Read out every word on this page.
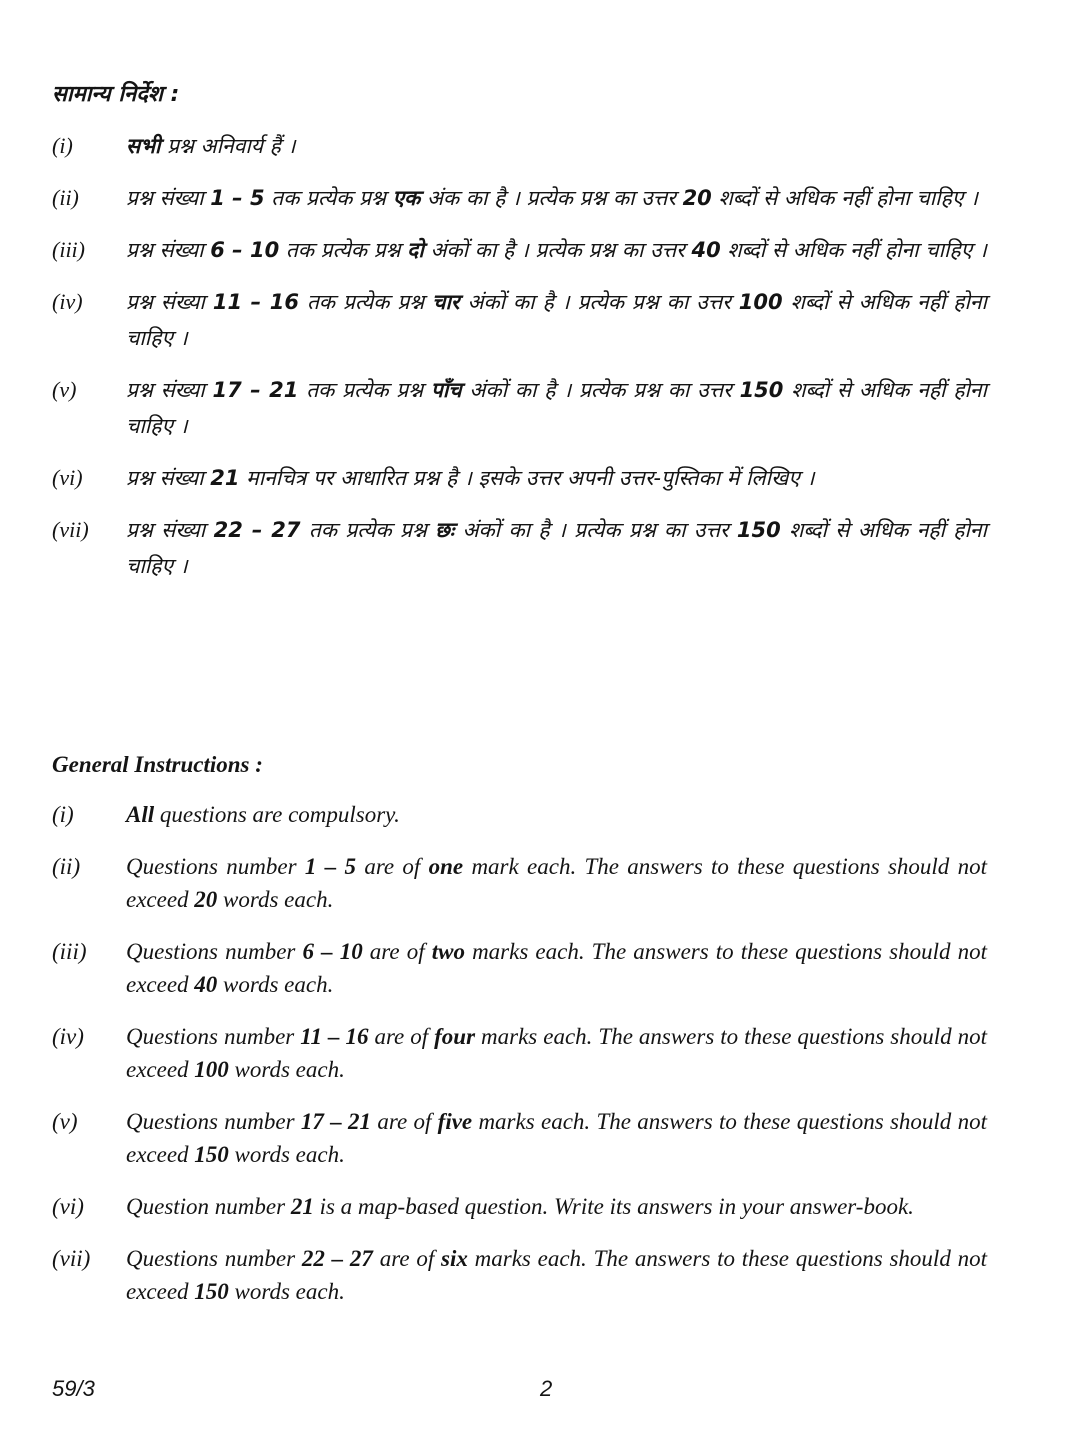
सामान्य निर्देश :
(i)	सभी प्रश्न अनिवार्य हैं ।
(ii)	प्रश्न संख्या 1 – 5 तक प्रत्येक प्रश्न एक अंक का है । प्रत्येक प्रश्न का उत्तर 20 शब्दों से अधिक नहीं होना चाहिए ।
(iii)	प्रश्न संख्या 6 – 10 तक प्रत्येक प्रश्न दो अंकों का है । प्रत्येक प्रश्न का उत्तर 40 शब्दों से अधिक नहीं होना चाहिए ।
(iv)	प्रश्न संख्या 11 – 16 तक प्रत्येक प्रश्न चार अंकों का है । प्रत्येक प्रश्न का उत्तर 100 शब्दों से अधिक नहीं होना चाहिए ।
(v)	प्रश्न संख्या 17 – 21 तक प्रत्येक प्रश्न पाँच अंकों का है । प्रत्येक प्रश्न का उत्तर 150 शब्दों से अधिक नहीं होना चाहिए ।
(vi)	प्रश्न संख्या 21 मानचित्र पर आधारित प्रश्न है । इसके उत्तर अपनी उत्तर-पुस्तिका में लिखिए ।
(vii)	प्रश्न संख्या 22 – 27 तक प्रत्येक प्रश्न छः अंकों का है । प्रत्येक प्रश्न का उत्तर 150 शब्दों से अधिक नहीं होना चाहिए ।
General Instructions :
(i)	All questions are compulsory.
(ii)	Questions number 1 – 5 are of one mark each. The answers to these questions should not exceed 20 words each.
(iii)	Questions number 6 – 10 are of two marks each. The answers to these questions should not exceed 40 words each.
(iv)	Questions number 11 – 16 are of four marks each. The answers to these questions should not exceed 100 words each.
(v)	Questions number 17 – 21 are of five marks each. The answers to these questions should not exceed 150 words each.
(vi)	Question number 21 is a map-based question. Write its answers in your answer-book.
(vii)	Questions number 22 – 27 are of six marks each. The answers to these questions should not exceed 150 words each.
59/3	2
